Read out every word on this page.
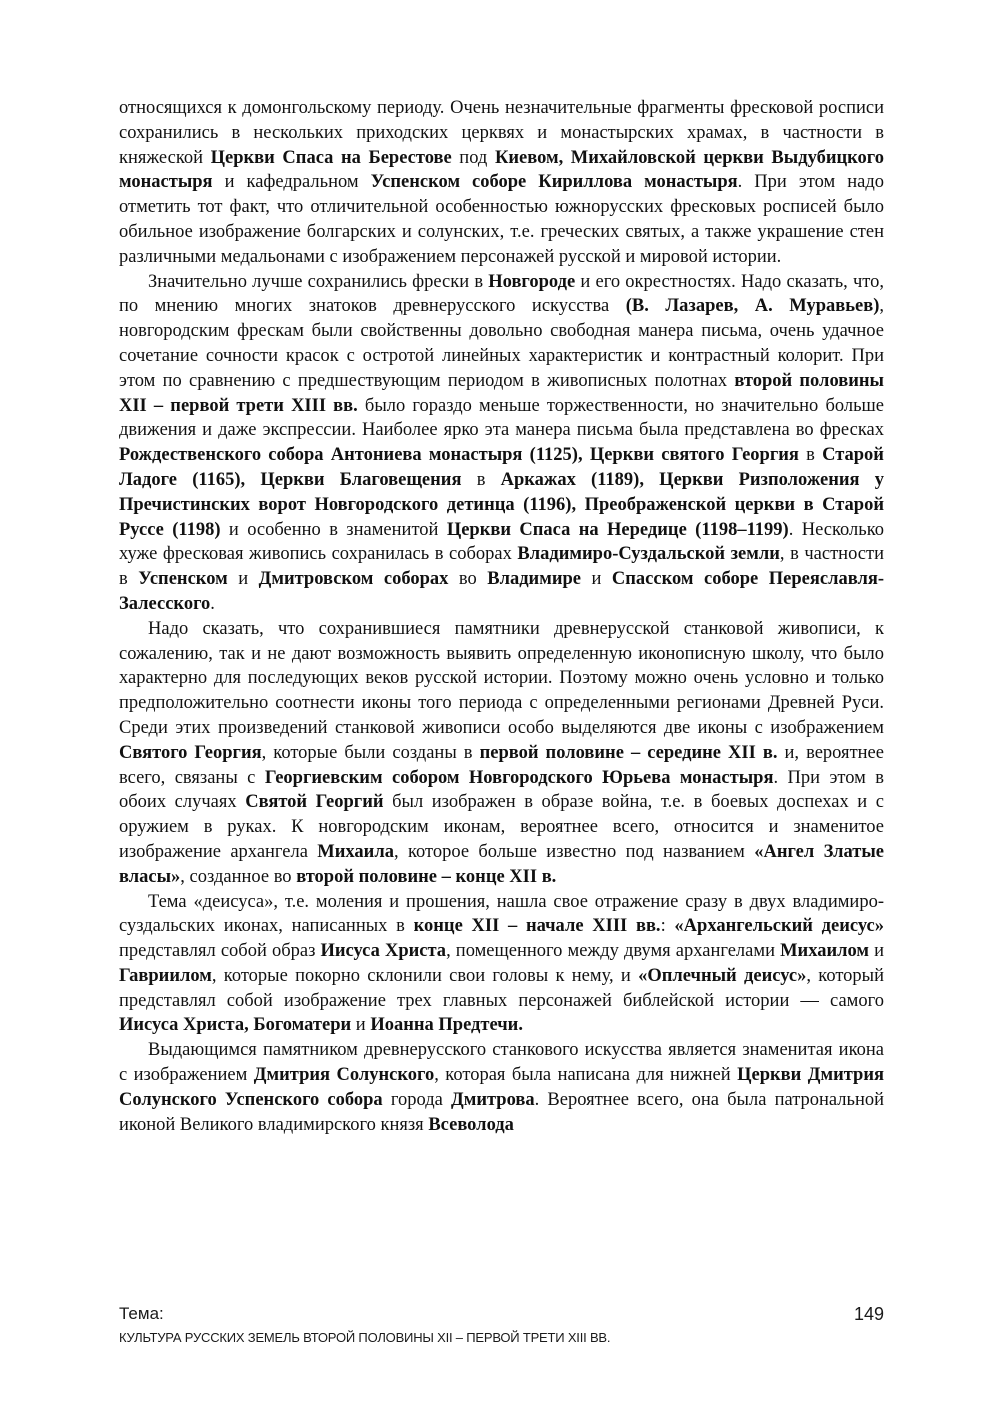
относящихся к домонгольскому периоду. Очень незначительные фрагменты фресковой росписи сохранились в нескольких приходских церквях и монастырских храмах, в частности в княжеской Церкви Спаса на Берестове под Киевом, Михайловской церкви Выдубицкого монастыря и кафедральном Успенском соборе Кириллова монастыря. При этом надо отметить тот факт, что отличительной особенностью южнорусских фресковых росписей было обильное изображение болгарских и солунских, т.е. греческих святых, а также украшение стен различными медальонами с изображением персонажей русской и мировой истории.

Значительно лучше сохранились фрески в Новгороде и его окрестностях. Надо сказать, что, по мнению многих знатоков древнерусского искусства (В. Лазарев, А. Муравьев), новгородским фрескам были свойственны довольно свободная манера письма, очень удачное сочетание сочности красок с остротой линейных характеристик и контрастный колорит. При этом по сравнению с предшествующим периодом в живописных полотнах второй половины XII – первой трети XIII вв. было гораздо меньше торжественности, но значительно больше движения и даже экспрессии. Наиболее ярко эта манера письма была представлена во фресках Рождественского собора Антониева монастыря (1125), Церкви святого Георгия в Старой Ладоге (1165), Церкви Благовещения в Аркажах (1189), Церкви Ризположения у Пречистинских ворот Новгородского детинца (1196), Преображенской церкви в Старой Руссе (1198) и особенно в знаменитой Церкви Спаса на Нередице (1198–1199). Несколько хуже фресковая живопись сохранилась в соборах Владимиро-Суздальской земли, в частности в Успенском и Дмитровском соборах во Владимире и Спасском соборе Переяславля-Залесского.

Надо сказать, что сохранившиеся памятники древнерусской станковой живописи, к сожалению, так и не дают возможность выявить определенную иконописную школу, что было характерно для последующих веков русской истории. Поэтому можно очень условно и только предположительно соотнести иконы того периода с определенными регионами Древней Руси. Среди этих произведений станковой живописи особо выделяются две иконы с изображением Святого Георгия, которые были созданы в первой половине – середине XII в. и, вероятнее всего, связаны с Георгиевским собором Новгородского Юрьева монастыря. При этом в обоих случаях Святой Георгий был изображен в образе война, т.е. в боевых доспехах и с оружием в руках. К новгородским иконам, вероятнее всего, относится и знаменитое изображение архангела Михаила, которое больше известно под названием «Ангел Златые власы», созданное во второй половине – конце XII в.

Тема «деисуса», т.е. моления и прошения, нашла свое отражение сразу в двух владимиро-суздальских иконах, написанных в конце XII – начале XIII вв.: «Архангельский деисус» представлял собой образ Иисуса Христа, помещенного между двумя архангелами Михаилом и Гавриилом, которые покорно склонили свои головы к нему, и «Оплечный деисус», который представлял собой изображение трех главных персонажей библейской истории — самого Иисуса Христа, Богоматери и Иоанна Предтечи.

Выдающимся памятником древнерусского станкового искусства является знаменитая икона с изображением Дмитрия Солунского, которая была написана для нижней Церкви Дмитрия Солунского Успенского собора города Дмитрова. Вероятнее всего, она была патрональной иконой Великого владимирского князя Всеволода

Тема:	149
КУЛЬТУРА РУССКИХ ЗЕМЕЛЬ ВТОРОЙ ПОЛОВИНЫ XII – ПЕРВОЙ ТРЕТИ XIII ВВ.
